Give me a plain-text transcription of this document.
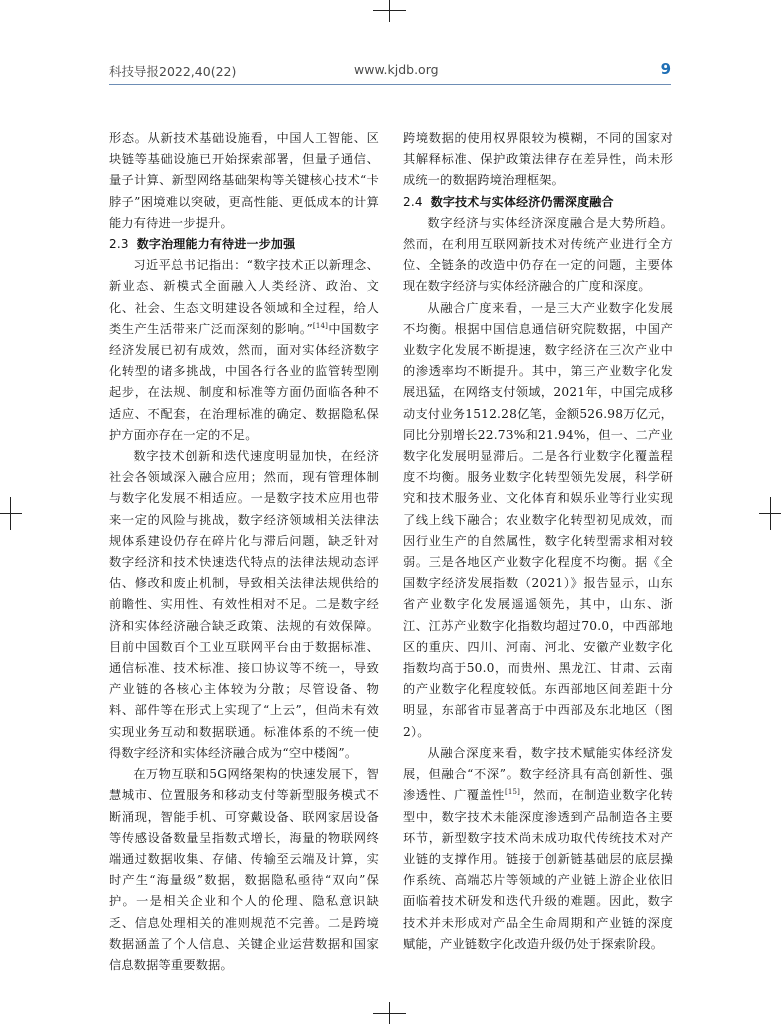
科技导报2022,40(22)	www.kjdb.org	9

形态。从新技术基础设施看，中国人工智能、区块链等基础设施已开始探索部署，但量子通信、量子计算、新型网络基础架构等关键核心技术“卡脖子”困境难以突破，更高性能、更低成本的计算能力有待进一步提升。

2.3 数字治理能力有待进一步加强

习近平总书记指出：“数字技术正以新理念、新业态、新模式全面融入人类经济、政治、文化、社会、生态文明建设各领域和全过程，给人类生产生活带来广泛而深刻的影响。”[14]中国数字经济发展已初有成效，然而，面对实体经济数字化转型的诸多挑战，中国各行各业的监管转型刚起步，在法规、制度和标准等方面仍面临各种不适应、不配套，在治理标准的确定、数据隐私保护方面亦存在一定的不足。

数字技术创新和迭代速度明显加快，在经济社会各领域深入融合应用；然而，现有管理体制与数字化发展不相适应。一是数字技术应用也带来一定的风险与挑战，数字经济领域相关法律法规体系建设仍存在碎片化与滞后问题，缺乏针对数字经济和技术快速迭代特点的法律法规动态评估、修改和废止机制，导致相关法律法规供给的前瞻性、实用性、有效性相对不足。二是数字经济和实体经济融合缺乏政策、法规的有效保障。目前中国数百个工业互联网平台由于数据标准、通信标准、技术标准、接口协议等不统一，导致产业链的各核心主体较为分散；尽管设备、物料、部件等在形式上实现了“上云”，但尚未有效实现业务互动和数据联通。标准体系的不统一使得数字经济和实体经济融合成为“空中楼阁”。

在万物互联和5G网络架构的快速发展下，智慧城市、位置服务和移动支付等新型服务模式不断涌现，智能手机、可穿戴设备、联网家居设备等传感设备数量呈指数式增长，海量的物联网终端通过数据收集、存储、传输至云端及计算，实时产生“海量级”数据，数据隐私亟待“双向”保护。一是相关企业和个人的伦理、隐私意识缺乏、信息处理相关的准则规范不完善。二是跨境数据涵盖了个人信息、关键企业运营数据和国家信息数据等重要数据。

跨境数据的使用权界限较为模糊，不同的国家对其解释标准、保护政策法律存在差异性，尚未形成统一的数据跨境治理框架。

2.4 数字技术与实体经济仍需深度融合

数字经济与实体经济深度融合是大势所趋。然而，在利用互联网新技术对传统产业进行全方位、全链条的改造中仍存在一定的问题，主要体现在数字经济与实体经济融合的广度和深度。

从融合广度来看，一是三大产业数字化发展不均衡。根据中国信息通信研究院数据，中国产业数字化发展不断提速，数字经济在三次产业中的渗透率均不断提升。其中，第三产业数字化发展迅猛，在网络支付领域，2021年，中国完成移动支付业务1512.28亿笔，金额526.98万亿元，同比分别增长22.73%和21.94%，但一、二产业数字化发展明显滞后。二是各行业数字化覆盖程度不均衡。服务业数字化转型领先发展，科学研究和技术服务业、文化体育和娱乐业等行业实现了线上线下融合；农业数字化转型初见成效，而因行业生产的自然属性，数字化转型需求相对较弱。三是各地区产业数字化程度不均衡。据《全国数字经济发展指数（2021）》报告显示，山东省产业数字化发展遥遥领先，其中，山东、浙江、江苏产业数字化指数均超过70.0，中西部地区的重庆、四川、河南、河北、安徽产业数字化指数均高于50.0，而贵州、黑龙江、甘肃、云南的产业数字化程度较低。东西部地区间差距十分明显，东部省市显著高于中西部及东北地区（图2）。

从融合深度来看，数字技术赋能实体经济发展，但融合“不深”。数字经济具有高创新性、强渗透性、广覆盖性[15]，然而，在制造业数字化转型中，数字技术未能深度渗透到产品制造各主要环节，新型数字技术尚未成功取代传统技术对产业链的支撑作用。链接于创新链基础层的底层操作系统、高端芯片等领域的产业链上游企业依旧面临着技术研发和迭代升级的难题。因此，数字技术并未形成对产品全生命周期和产业链的深度赋能，产业链数字化改造升级仍处于探索阶段。
